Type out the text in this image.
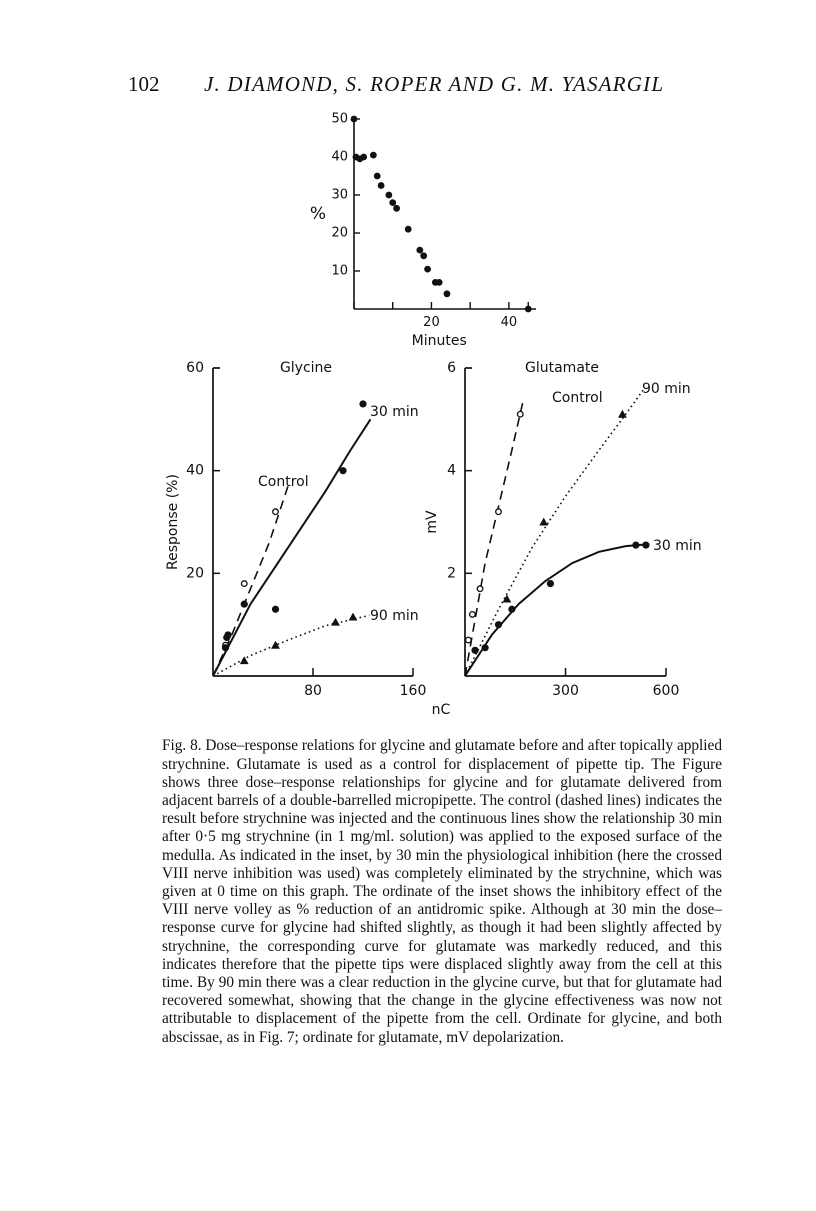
102 J. DIAMOND, S. ROPER AND G. M. YASARGIL
10
20
30
40
50
20	40
%
Minutes
20
40
60
80	160
Glycine
Response (%)	Control
30 min
90 min
2
4
6
300	600
Glutamate
mV
nC
Control
30 min
90 min

Fig. 8. Dose–response relations for glycine and glutamate before and after topically applied strychnine. Glutamate is used as a control for displacement of pipette tip. The Figure shows three dose–response relationships for glycine and for glutamate delivered from adjacent barrels of a double-barrelled micropipette. The control (dashed lines) indicates the result before strychnine was injected and the continuous lines show the relationship 30 min after 0·5 mg strychnine (in 1 mg/ml. solution) was applied to the exposed surface of the medulla. As indicated in the inset, by 30 min the physiological inhibition (here the crossed VIII nerve inhibition was used) was completely eliminated by the strychnine, which was given at 0 time on this graph. The ordinate of the inset shows the inhibitory effect of the VIII nerve volley as % reduction of an antidromic spike. Although at 30 min the dose–response curve for glycine had shifted slightly, as though it had been slightly affected by strychnine, the corresponding curve for glutamate was markedly reduced, and this indicates therefore that the pipette tips were displaced slightly away from the cell at this time. By 90 min there was a clear reduction in the glycine curve, but that for glutamate had recovered somewhat, showing that the change in the glycine effectiveness was now not attributable to displacement of the pipette from the cell. Ordinate for glycine, and both abscissae, as in Fig. 7; ordinate for glutamate, mV depolarization.
